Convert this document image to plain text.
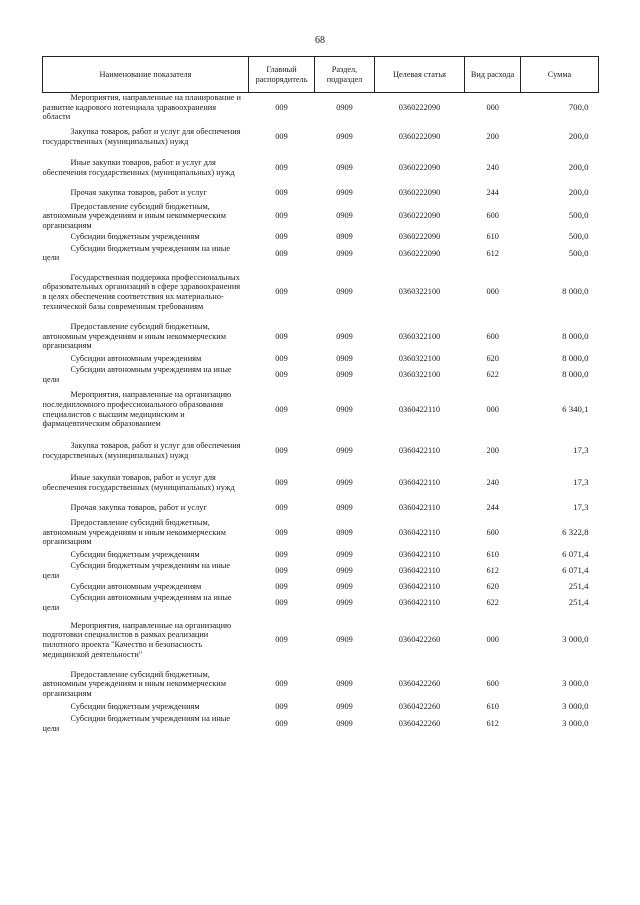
68
Наименование показателя	Главный распорядитель	Раздел, подраздел	Целевая статья	Вид расхода	Сумма
Мероприятия, направленные на планирование и развитие кадрового потенциала здравоохранения области	009	0909	0360222090	000	700,0
Закупка товаров, работ и услуг для обеспечения государственных (муниципальных) нужд	009	0909	0360222090	200	200,0
Иные закупки товаров, работ и услуг для обеспечения государственных (муниципальных) нужд	009	0909	0360222090	240	200,0
Прочая закупка товаров, работ и услуг	009	0909	0360222090	244	200,0
Предоставление субсидий бюджетным, автономным учреждениям и иным некоммерческим организациям	009	0909	0360222090	600	500,0
Субсидии бюджетным учреждениям	009	0909	0360222090	610	500,0
Субсидии бюджетным учреждениям на иные цели	009	0909	0360222090	612	500,0
Государственная поддержка профессиональных образовательных организаций в сфере здравоохранения в целях обеспечения соответствия их материально-технической базы современным требованиям	009	0909	0360322100	000	8 000,0
Предоставление субсидий бюджетным, автономным учреждениям и иным некоммерческим организациям	009	0909	0360322100	600	8 000,0
Субсидии автономным учреждениям	009	0909	0360322100	620	8 000,0
Субсидии автономным учреждениям на иные цели	009	0909	0360322100	622	8 000,0
Мероприятия, направленные на организацию последипломного профессионального образования специалистов с высшим медицинским и фармацевтическим образованием	009	0909	0360422110	000	6 340,1
Закупка товаров, работ и услуг для обеспечения государственных (муниципальных) нужд	009	0909	0360422110	200	17,3
Иные закупки товаров, работ и услуг для обеспечения государственных (муниципальных) нужд	009	0909	0360422110	240	17,3
Прочая закупка товаров, работ и услуг	009	0909	0360422110	244	17,3
Предоставление субсидий бюджетным, автономным учреждениям и иным некоммерческим организациям	009	0909	0360422110	600	6 322,8
Субсидии бюджетным учреждениям	009	0909	0360422110	610	6 071,4
Субсидии бюджетным учреждениям на иные цели	009	0909	0360422110	612	6 071,4
Субсидии автономным учреждениям	009	0909	0360422110	620	251,4
Субсидии автономным учреждениям на иные цели	009	0909	0360422110	622	251,4
Мероприятия, направленные на организацию подготовки специалистов в рамках реализации пилотного проекта "Качество и безопасность медицинской деятельности"	009	0909	0360422260	000	3 000,0
Предоставление субсидий бюджетным, автономным учреждениям и иным некоммерческим организациям	009	0909	0360422260	600	3 000,0
Субсидии бюджетным учреждениям	009	0909	0360422260	610	3 000,0
Субсидии бюджетным учреждениям на иные цели	009	0909	0360422260	612	3 000,0
